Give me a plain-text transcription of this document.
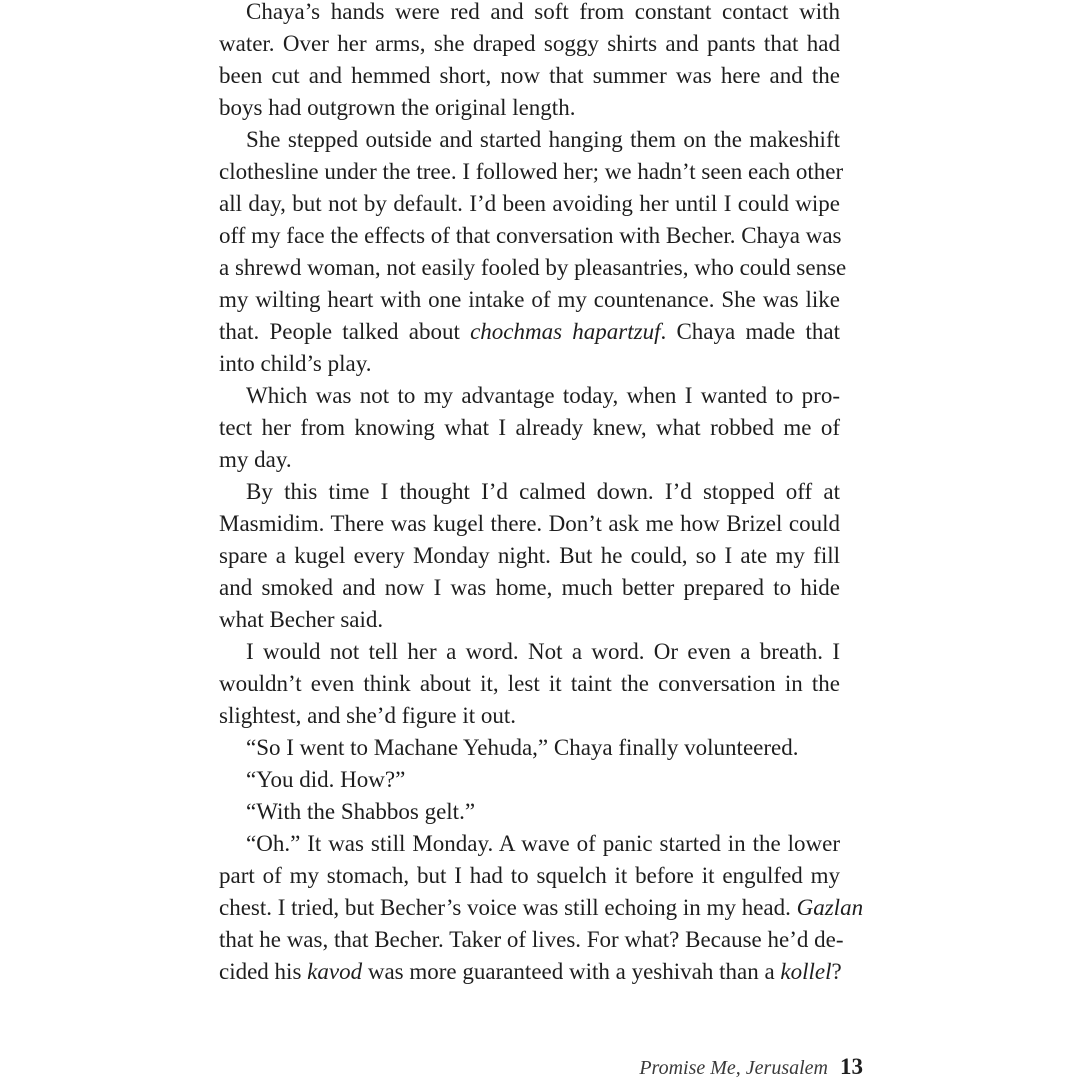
Chaya’s hands were red and soft from constant contact with
water. Over her arms, she draped soggy shirts and pants that had
been cut and hemmed short, now that summer was here and the
boys had outgrown the original length.
She stepped outside and started hanging them on the makeshift
clothesline under the tree. I followed her; we hadn’t seen each other
all day, but not by default. I’d been avoiding her until I could wipe
off my face the effects of that conversation with Becher. Chaya was
a shrewd woman, not easily fooled by pleasantries, who could sense
my wilting heart with one intake of my countenance. She was like
that. People talked about chochmas hapartzuf. Chaya made that
into child’s play.
Which was not to my advantage today, when I wanted to pro-
tect her from knowing what I already knew, what robbed me of
my day.
By this time I thought I’d calmed down. I’d stopped off at
Masmidim. There was kugel there. Don’t ask me how Brizel could
spare a kugel every Monday night. But he could, so I ate my fill
and smoked and now I was home, much better prepared to hide
what Becher said.
I would not tell her a word. Not a word. Or even a breath. I
wouldn’t even think about it, lest it taint the conversation in the
slightest, and she’d figure it out.
“So I went to Machane Yehuda,” Chaya finally volunteered.
“You did. How?”
“With the Shabbos gelt.”
“Oh.” It was still Monday. A wave of panic started in the lower
part of my stomach, but I had to squelch it before it engulfed my
chest. I tried, but Becher’s voice was still echoing in my head. Gazlan
that he was, that Becher. Taker of lives. For what? Because he’d de-
cided his kavod was more guaranteed with a yeshivah than a kollel?
Promise Me, Jerusalem 13
